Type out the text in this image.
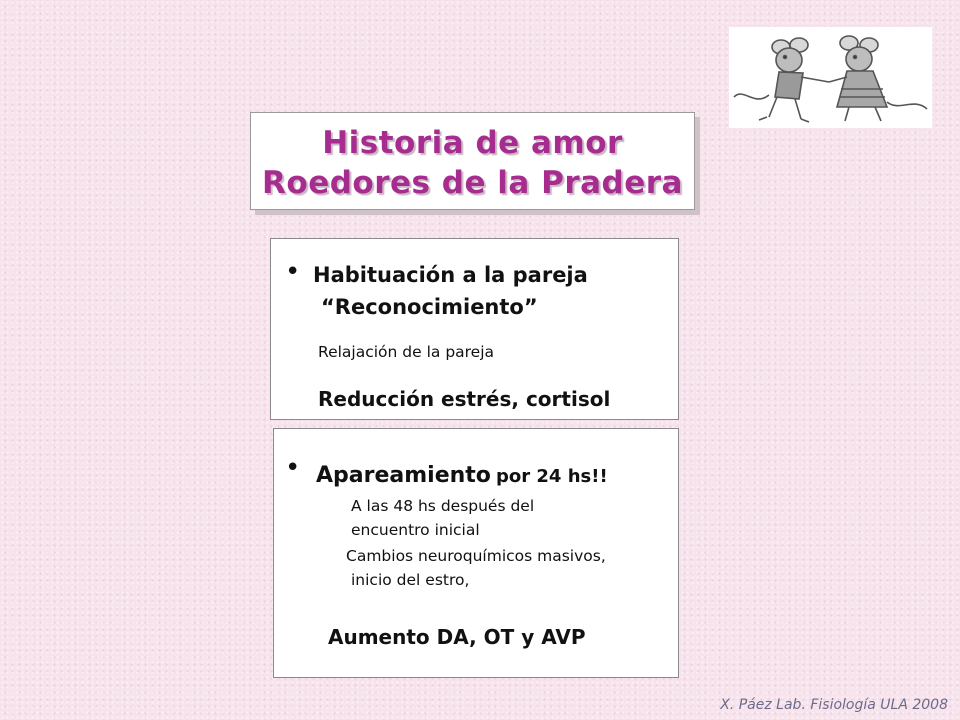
Historia de amor
Roedores de la Pradera
• Habituación a la pareja
“Reconocimiento”
Relajación de la pareja
Reducción estrés, cortisol
• Apareamiento por 24 hs!!
A las 48 hs después del
encuentro inicial
Cambios neuroquímicos masivos,
inicio del estro,
Aumento DA, OT y AVP
X. Páez Lab. Fisiología ULA 2008
